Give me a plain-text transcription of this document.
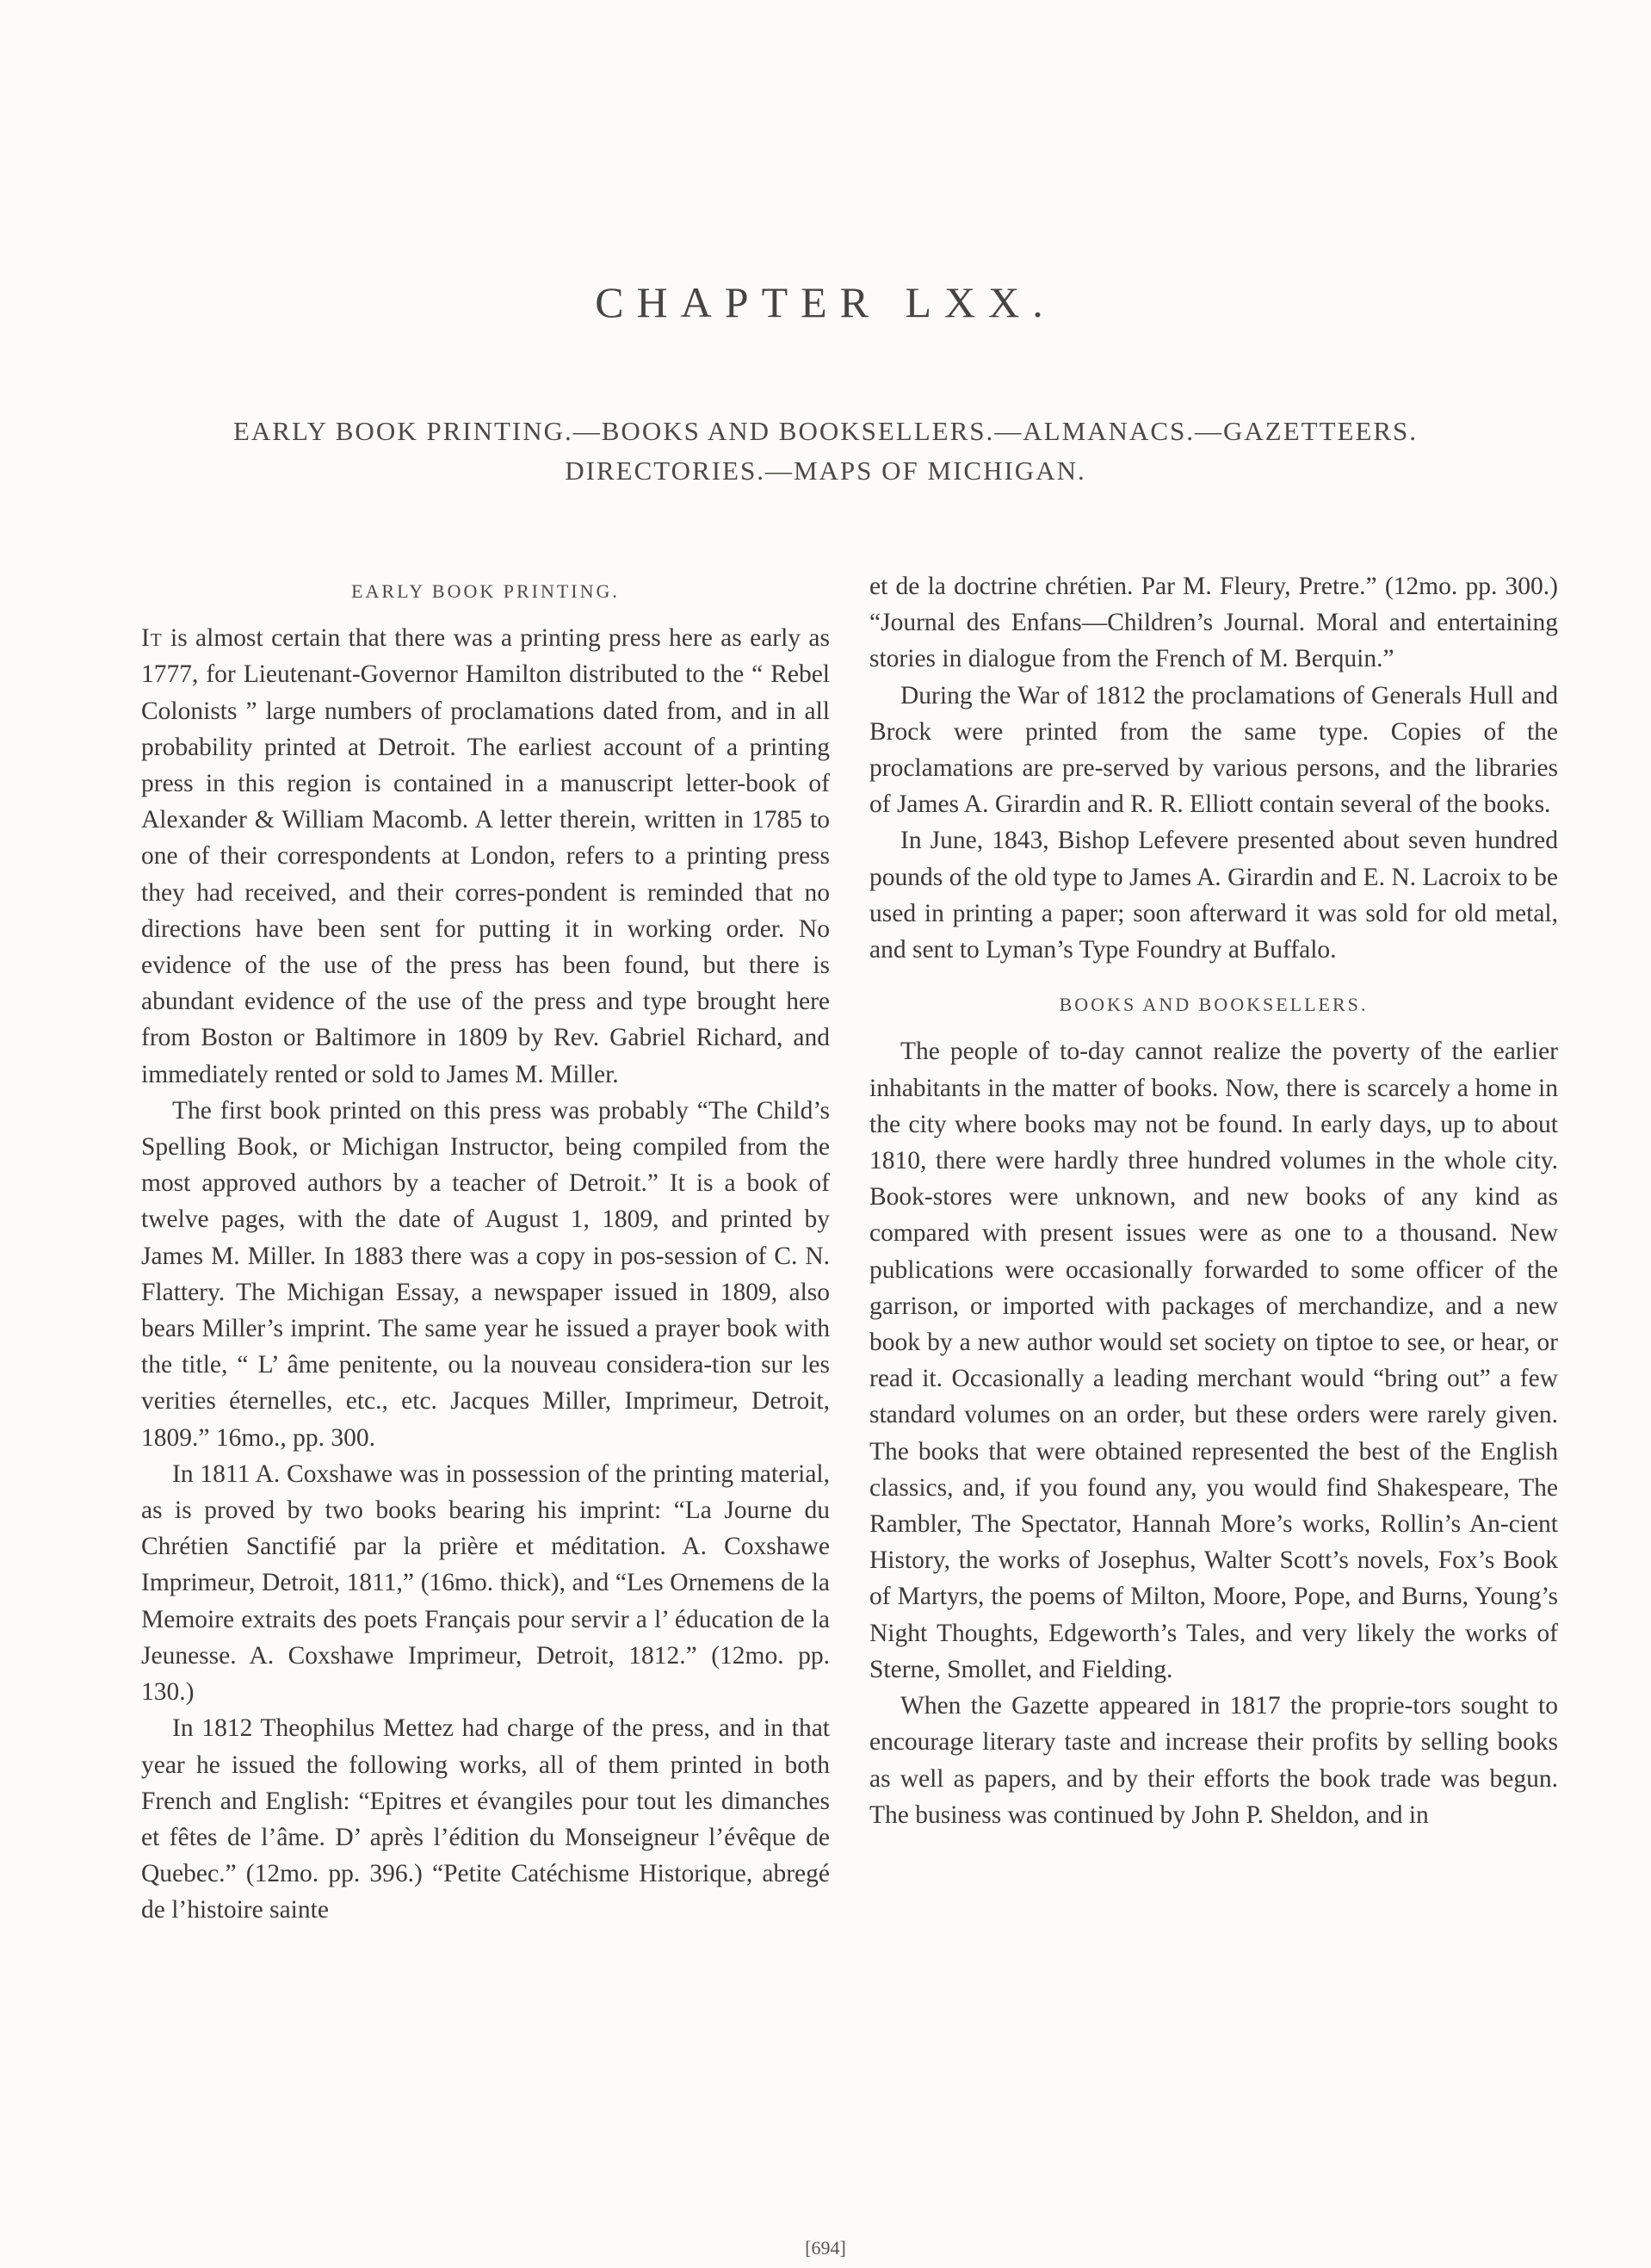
CHAPTER LXX.
EARLY BOOK PRINTING.—BOOKS AND BOOKSELLERS.—ALMANACS.—GAZETTEERS.
DIRECTORIES.—MAPS OF MICHIGAN.
EARLY BOOK PRINTING.

It is almost certain that there was a printing press here as early as 1777, for Lieutenant-Governor Hamilton distributed to the “ Rebel Colonists ” large numbers of proclamations dated from, and in all probability printed at Detroit. The earliest account of a printing press in this region is contained in a manuscript letter-book of Alexander & William Macomb. A letter therein, written in 1785 to one of their correspondents at London, refers to a printing press they had received, and their corres-pondent is reminded that no directions have been sent for putting it in working order. No evidence of the use of the press has been found, but there is abundant evidence of the use of the press and type brought here from Boston or Baltimore in 1809 by Rev. Gabriel Richard, and immediately rented or sold to James M. Miller.

The first book printed on this press was probably “The Child’s Spelling Book, or Michigan Instructor, being compiled from the most approved authors by a teacher of Detroit.” It is a book of twelve pages, with the date of August 1, 1809, and printed by James M. Miller. In 1883 there was a copy in pos-session of C. N. Flattery. The Michigan Essay, a newspaper issued in 1809, also bears Miller’s imprint. The same year he issued a prayer book with the title, “ L’ âme penitente, ou la nouveau considera-tion sur les verities éternelles, etc., etc. Jacques Miller, Imprimeur, Detroit, 1809.” 16mo., pp. 300.

In 1811 A. Coxshawe was in possession of the printing material, as is proved by two books bearing his imprint: “La Journe du Chrétien Sanctifié par la prière et méditation. A. Coxshawe Imprimeur, Detroit, 1811,” (16mo. thick), and “Les Ornemens de la Memoire extraits des poets Français pour servir a l’ éducation de la Jeunesse. A. Coxshawe Imprimeur, Detroit, 1812.” (12mo. pp. 130.)

In 1812 Theophilus Mettez had charge of the press, and in that year he issued the following works, all of them printed in both French and English: “Epitres et évangiles pour tout les dimanches et fêtes de l’âme. D’ après l’édition du Monseigneur l’évêque de Quebec.” (12mo. pp. 396.) “Petite Catéchisme Historique, abregé de l’histoire sainte

et de la doctrine chrétien. Par M. Fleury, Pretre.” (12mo. pp. 300.) “Journal des Enfans—Children’s Journal. Moral and entertaining stories in dialogue from the French of M. Berquin.”

During the War of 1812 the proclamations of Generals Hull and Brock were printed from the same type. Copies of the proclamations are pre-served by various persons, and the libraries of James A. Girardin and R. R. Elliott contain several of the books.

In June, 1843, Bishop Lefevere presented about seven hundred pounds of the old type to James A. Girardin and E. N. Lacroix to be used in printing a paper; soon afterward it was sold for old metal, and sent to Lyman’s Type Foundry at Buffalo.

BOOKS AND BOOKSELLERS.

The people of to-day cannot realize the poverty of the earlier inhabitants in the matter of books. Now, there is scarcely a home in the city where books may not be found. In early days, up to about 1810, there were hardly three hundred volumes in the whole city. Book-stores were unknown, and new books of any kind as compared with present issues were as one to a thousand. New publications were occasionally forwarded to some officer of the garrison, or imported with packages of merchandize, and a new book by a new author would set society on tiptoe to see, or hear, or read it. Occasionally a leading merchant would “bring out” a few standard volumes on an order, but these orders were rarely given. The books that were obtained represented the best of the English classics, and, if you found any, you would find Shakespeare, The Rambler, The Spectator, Hannah More’s works, Rollin’s An-cient History, the works of Josephus, Walter Scott’s novels, Fox’s Book of Martyrs, the poems of Milton, Moore, Pope, and Burns, Young’s Night Thoughts, Edgeworth’s Tales, and very likely the works of Sterne, Smollet, and Fielding.

When the Gazette appeared in 1817 the proprie-tors sought to encourage literary taste and increase their profits by selling books as well as papers, and by their efforts the book trade was begun. The business was continued by John P. Sheldon, and in

[694]
